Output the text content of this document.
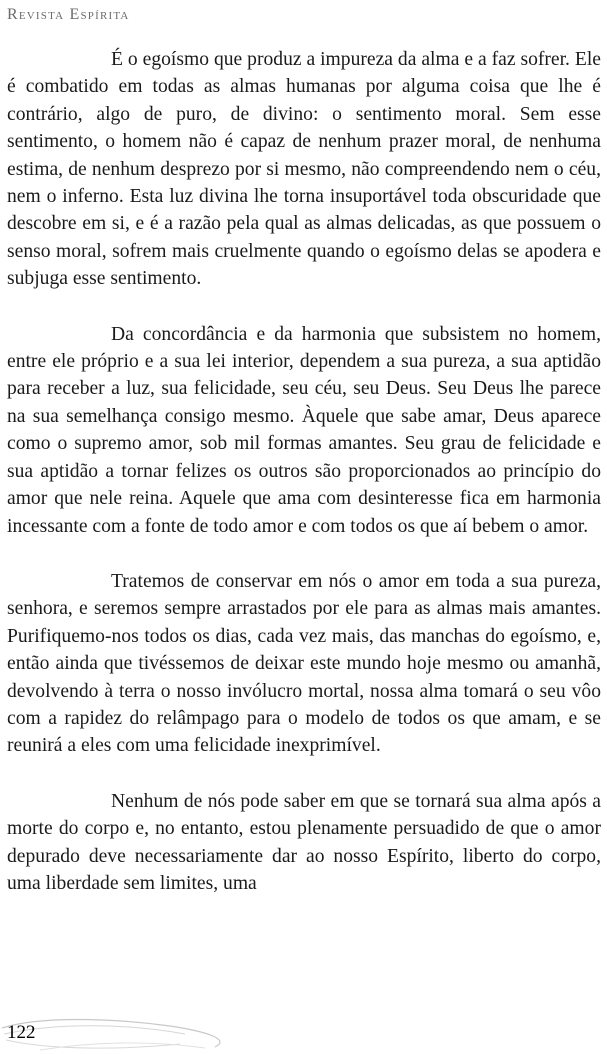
Revista Espírita

É o egoísmo que produz a impureza da alma e a faz sofrer. Ele é combatido em todas as almas humanas por alguma coisa que lhe é contrário, algo de puro, de divino: o sentimento moral. Sem esse sentimento, o homem não é capaz de nenhum prazer moral, de nenhuma estima, de nenhum desprezo por si mesmo, não compreendendo nem o céu, nem o inferno. Esta luz divina lhe torna insuportável toda obscuridade que descobre em si, e é a razão pela qual as almas delicadas, as que possuem o senso moral, sofrem mais cruelmente quando o egoísmo delas se apodera e subjuga esse sentimento.

Da concordância e da harmonia que subsistem no homem, entre ele próprio e a sua lei interior, dependem a sua pureza, a sua aptidão para receber a luz, sua felicidade, seu céu, seu Deus. Seu Deus lhe parece na sua semelhança consigo mesmo. Àquele que sabe amar, Deus aparece como o supremo amor, sob mil formas amantes. Seu grau de felicidade e sua aptidão a tornar felizes os outros são proporcionados ao princípio do amor que nele reina. Aquele que ama com desinteresse fica em harmonia incessante com a fonte de todo amor e com todos os que aí bebem o amor.

Tratemos de conservar em nós o amor em toda a sua pureza, senhora, e seremos sempre arrastados por ele para as almas mais amantes. Purifiquemo-nos todos os dias, cada vez mais, das manchas do egoísmo, e, então ainda que tivéssemos de deixar este mundo hoje mesmo ou amanhã, devolvendo à terra o nosso invólucro mortal, nossa alma tomará o seu vôo com a rapidez do relâmpago para o modelo de todos os que amam, e se reunirá a eles com uma felicidade inexprimível.

Nenhum de nós pode saber em que se tornará sua alma após a morte do corpo e, no entanto, estou plenamente persuadido de que o amor depurado deve necessariamente dar ao nosso Espírito, liberto do corpo, uma liberdade sem limites, uma

122
